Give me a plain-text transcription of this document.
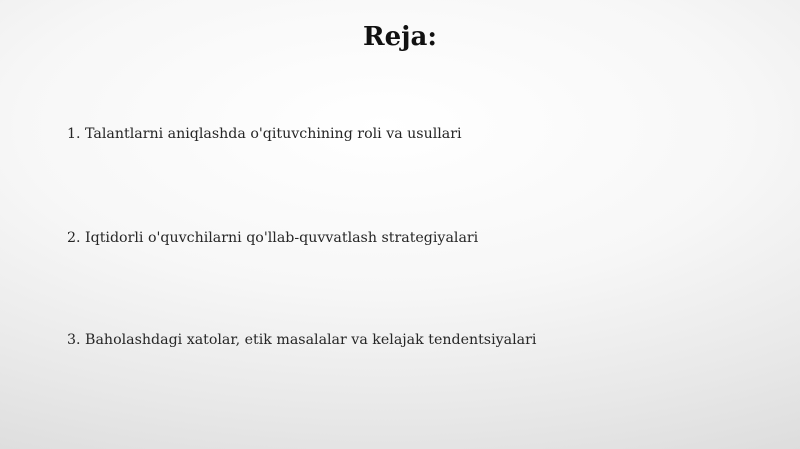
Reja:

1. Talantlarni aniqlashda o'qituvchining roli va usullari

2. Iqtidorli o'quvchilarni qo'llab-quvvatlash strategiyalari

3. Baholashdagi xatolar, etik masalalar va kelajak tendentsiyalari
